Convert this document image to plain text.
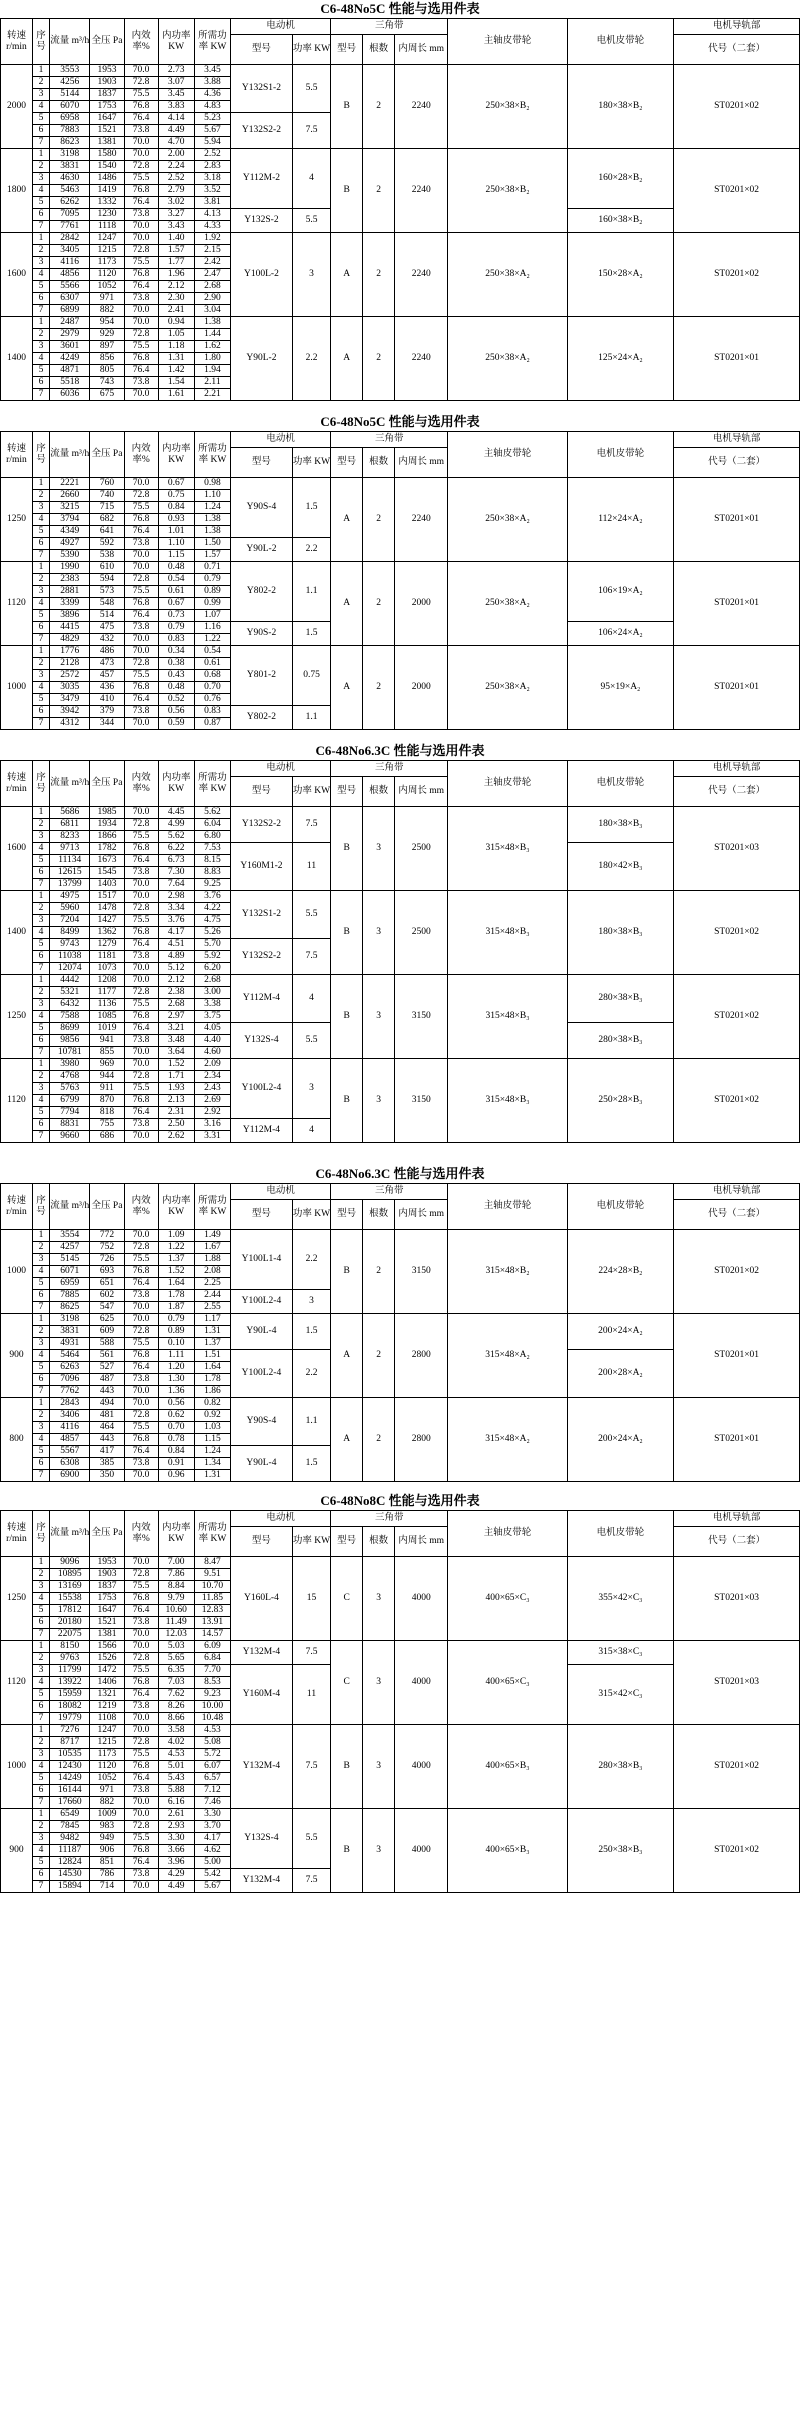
C6-48No5C 性能与选用件表
转速 r/min	序号	流量 m³/h	全压 Pa	内效率%	内功率 KW	所需功率 KW	电动机		三角带			主轴皮带轮	电机皮带轮	电机导轨部
							型号	功率 KW	型号	根数	内周长 mm			代号（二套）
2000	1	3553	1953	70.0	2.73	3.45	Y132S1-2	5.5	B	2	2240	250×38×B₂	180×38×B₂	ST0201×02
	2	4256	1903	72.8	3.07	3.88								
	3	5144	1837	75.5	3.45	4.36								
	4	6070	1753	76.8	3.83	4.83								
	5	6958	1647	76.4	4.14	5.23	Y132S2-2	7.5						
	6	7883	1521	73.8	4.49	5.67								
	7	8623	1381	70.0	4.70	5.94								
1800	1	3198	1580	70.0	2.00	2.52	Y112M-2	4	B	2	2240	250×38×B₂	160×28×B₂	ST0201×02
	2	3831	1540	72.8	2.24	2.83								
	3	4630	1486	75.5	2.52	3.18								
	4	5463	1419	76.8	2.79	3.52								
	5	6262	1332	76.4	3.02	3.81								
	6	7095	1230	73.8	3.27	4.13	Y132S-2	5.5					160×38×B₂	
	7	7761	1118	70.0	3.43	4.33								
1600	1	2842	1247	70.0	1.40	1.92	Y100L-2	3	A	2	2240	250×38×A₂	150×28×A₂	ST0201×02
	2	3405	1215	72.8	1.57	2.15								
	3	4116	1173	75.5	1.77	2.42								
	4	4856	1120	76.8	1.96	2.47								
	5	5566	1052	76.4	2.12	2.68								
	6	6307	971	73.8	2.30	2.90								
	7	6899	882	70.0	2.41	3.04								
1400	1	2487	954	70.0	0.94	1.38	Y90L-2	2.2	A	2	2240	250×38×A₂	125×24×A₂	ST0201×01
	2	2979	929	72.8	1.05	1.44								
	3	3601	897	75.5	1.18	1.62								
	4	4249	856	76.8	1.31	1.80								
	5	4871	805	76.4	1.42	1.94								
	6	5518	743	73.8	1.54	2.11								
	7	6036	675	70.0	1.61	2.21								
C6-48No5C 性能与选用件表
转速 r/min	序号	流量 m³/h	全压 Pa	内效率%	内功率 KW	所需功率 KW	电动机		三角带			主轴皮带轮	电机皮带轮	电机导轨部
							型号	功率 KW	型号	根数	内周长 mm			代号（二套）
1250	1	2221	760	70.0	0.67	0.98	Y90S-4	1.5	A	2	2240	250×38×A₂	112×24×A₂	ST0201×01
	2	2660	740	72.8	0.75	1.10								
	3	3215	715	75.5	0.84	1.24								
	4	3794	682	76.8	0.93	1.38								
	5	4349	641	76.4	1.01	1.38								
	6	4927	592	73.8	1.10	1.50	Y90L-2	2.2						
	7	5390	538	70.0	1.15	1.57								
1120	1	1990	610	70.0	0.48	0.71	Y802-2	1.1	A	2	2000	250×38×A₂	106×19×A₂	ST0201×01
	2	2383	594	72.8	0.54	0.79								
	3	2881	573	75.5	0.61	0.89								
	4	3399	548	76.8	0.67	0.99								
	5	3896	514	76.4	0.73	1.07								
	6	4415	475	73.8	0.79	1.16	Y90S-2	1.5					106×24×A₂	
	7	4829	432	70.0	0.83	1.22								
1000	1	1776	486	70.0	0.34	0.54	Y801-2	0.75	A	2	2000	250×38×A₂	95×19×A₂	ST0201×01
	2	2128	473	72.8	0.38	0.61								
	3	2572	457	75.5	0.43	0.68								
	4	3035	436	76.8	0.48	0.70								
	5	3479	410	76.4	0.52	0.76								
	6	3942	379	73.8	0.56	0.83	Y802-2	1.1						
	7	4312	344	70.0	0.59	0.87								
C6-48No6.3C 性能与选用件表
转速 r/min	序号	流量 m³/h	全压 Pa	内效率%	内功率 KW	所需功率 KW	电动机		三角带			主轴皮带轮	电机皮带轮	电机导轨部
							型号	功率 KW	型号	根数	内周长 mm			代号（二套）
1600	1	5686	1985	70.0	4.45	5.62	Y132S2-2	7.5	B	3	2500	315×48×B₃	180×38×B₃	ST0201×03
	2	6811	1934	72.8	4.99	6.04								
	3	8233	1866	75.5	5.62	6.80								
	4	9713	1782	76.8	6.22	7.53	Y160M1-2	11					180×42×B₃	
	5	11134	1673	76.4	6.73	8.15								
	6	12615	1545	73.8	7.30	8.83								
	7	13799	1403	70.0	7.64	9.25								
1400	1	4975	1517	70.0	2.98	3.76	Y132S1-2	5.5	B	3	2500	315×48×B₃	180×38×B₃	ST0201×02
	2	5960	1478	72.8	3.34	4.22								
	3	7204	1427	75.5	3.76	4.75								
	4	8499	1362	76.8	4.17	5.26								
	5	9743	1279	76.4	4.51	5.70	Y132S2-2	7.5						
	6	11038	1181	73.8	4.89	5.92								
	7	12074	1073	70.0	5.12	6.20								
1250	1	4442	1208	70.0	2.12	2.68	Y112M-4	4	B	3	3150	315×48×B₃	280×38×B₃	ST0201×02
	2	5321	1177	72.8	2.38	3.00								
	3	6432	1136	75.5	2.68	3.38								
	4	7588	1085	76.8	2.97	3.75								
	5	8699	1019	76.4	3.21	4.05	Y132S-4	5.5					280×38×B₃	
	6	9856	941	73.8	3.48	4.40								
	7	10781	855	70.0	3.64	4.60								
1120	1	3980	969	70.0	1.52	2.09	Y100L2-4	3	B	3	3150	315×48×B₃	250×28×B₃	ST0201×02
	2	4768	944	72.8	1.71	2.34								
	3	5763	911	75.5	1.93	2.43								
	4	6799	870	76.8	2.13	2.69								
	5	7794	818	76.4	2.31	2.92								
	6	8831	755	73.8	2.50	3.16	Y112M-4	4						
	7	9660	686	70.0	2.62	3.31								
C6-48No6.3C 性能与选用件表
转速 r/min	序号	流量 m³/h	全压 Pa	内效率%	内功率 KW	所需功率 KW	电动机		三角带			主轴皮带轮	电机皮带轮	电机导轨部
							型号	功率 KW	型号	根数	内周长 mm			代号（二套）
1000	1	3554	772	70.0	1.09	1.49	Y100L1-4	2.2	B	2	3150	315×48×B₂	224×28×B₂	ST0201×02
	2	4257	752	72.8	1.22	1.67								
	3	5145	726	75.5	1.37	1.88								
	4	6071	693	76.8	1.52	2.08								
	5	6959	651	76.4	1.64	2.25								
	6	7885	602	73.8	1.78	2.44	Y100L2-4	3						
	7	8625	547	70.0	1.87	2.55								
900	1	3198	625	70.0	0.79	1.17	Y90L-4	1.5	A	2	2800	315×48×A₂	200×24×A₂	ST0201×01
	2	3831	609	72.8	0.89	1.31								
	3	4931	588	75.5	0.10	1.37								
	4	5464	561	76.8	1.11	1.51	Y100L2-4	2.2					200×28×A₂	
	5	6263	527	76.4	1.20	1.64								
	6	7096	487	73.8	1.30	1.78								
	7	7762	443	70.0	1.36	1.86								
800	1	2843	494	70.0	0.56	0.82	Y90S-4	1.1	A	2	2800	315×48×A₂	200×24×A₂	ST0201×01
	2	3406	481	72.8	0.62	0.92								
	3	4116	464	75.5	0.70	1.03								
	4	4857	443	76.8	0.78	1.15								
	5	5567	417	76.4	0.84	1.24	Y90L-4	1.5						
	6	6308	385	73.8	0.91	1.34								
	7	6900	350	70.0	0.96	1.31								
C6-48No8C 性能与选用件表
转速 r/min	序号	流量 m³/h	全压 Pa	内效率%	内功率 KW	所需功率 KW	电动机		三角带			主轴皮带轮	电机皮带轮	电机导轨部
							型号	功率 KW	型号	根数	内周长 mm			代号（二套）
1250	1	9096	1953	70.0	7.00	8.47	Y160L-4	15	C	3	4000	400×65×C₃	355×42×C₃	ST0201×03
	2	10895	1903	72.8	7.86	9.51								
	3	13169	1837	75.5	8.84	10.70								
	4	15538	1753	76.8	9.79	11.85								
	5	17812	1647	76.4	10.60	12.83								
	6	20180	1521	73.8	11.49	13.91								
	7	22075	1381	70.0	12.03	14.57								
1120	1	8150	1566	70.0	5.03	6.09	Y132M-4	7.5	C	3	4000	400×65×C₃	315×38×C₃	ST0201×03
	2	9763	1526	72.8	5.65	6.84								
	3	11799	1472	75.5	6.35	7.70	Y160M-4	11					315×42×C₃	
	4	13922	1406	76.8	7.03	8.53								
	5	15959	1321	76.4	7.62	9.23								
	6	18082	1219	73.8	8.26	10.00								
	7	19779	1108	70.0	8.66	10.48								
1000	1	7276	1247	70.0	3.58	4.53	Y132M-4	7.5	B	3	4000	400×65×B₃	280×38×B₃	ST0201×02
	2	8717	1215	72.8	4.02	5.08								
	3	10535	1173	75.5	4.53	5.72								
	4	12430	1120	76.8	5.01	6.07								
	5	14249	1052	76.4	5.43	6.57								
	6	16144	971	73.8	5.88	7.12								
	7	17660	882	70.0	6.16	7.46								
900	1	6549	1009	70.0	2.61	3.30	Y132S-4	5.5	B	3	4000	400×65×B₃	250×38×B₃	ST0201×02
	2	7845	983	72.8	2.93	3.70								
	3	9482	949	75.5	3.30	4.17								
	4	11187	906	76.8	3.66	4.62								
	5	12824	851	76.4	3.96	5.00								
	6	14530	786	73.8	4.29	5.42	Y132M-4	7.5						
	7	15894	714	70.0	4.49	5.67								
